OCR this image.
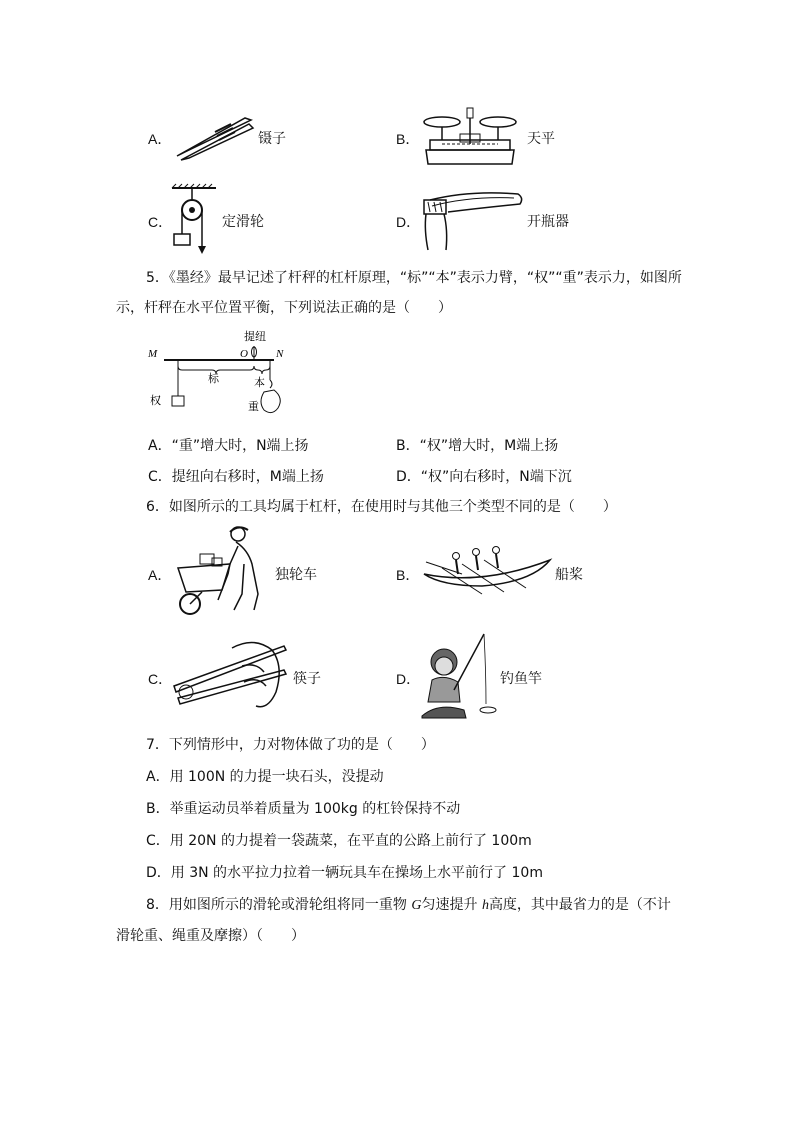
A．	镊子	B．	天平
C．	定滑轮	D．	开瓶器
5．《墨经》最早记述了杆秤的杠杆原理，“标”“本”表示力臂，“权”“重”表示力，如图所
示，杆秤在水平位置平衡，下列说法正确的是（　　）
提纽
M	O	N
标	本
权	重
A．“重”增大时，N端上扬	B．“权”增大时，M端上扬
C．提纽向右移时，M端上扬	D．“权”向右移时，N端下沉
6．如图所示的工具均属于杠杆，在使用时与其他三个类型不同的是（　　）
A．	独轮车	B．	船桨
C．	筷子	D．	钓鱼竿
7．下列情形中，力对物体做了功的是（　　）
A．用 100N 的力提一块石头，没提动
B．举重运动员举着质量为 100kg 的杠铃保持不动
C．用 20N 的力提着一袋蔬菜，在平直的公路上前行了 100m
D．用 3N 的水平拉力拉着一辆玩具车在操场上水平前行了 10m
8．用如图所示的滑轮或滑轮组将同一重物 G匀速提升 h高度，其中最省力的是（不计
滑轮重、绳重及摩擦）（　　）
